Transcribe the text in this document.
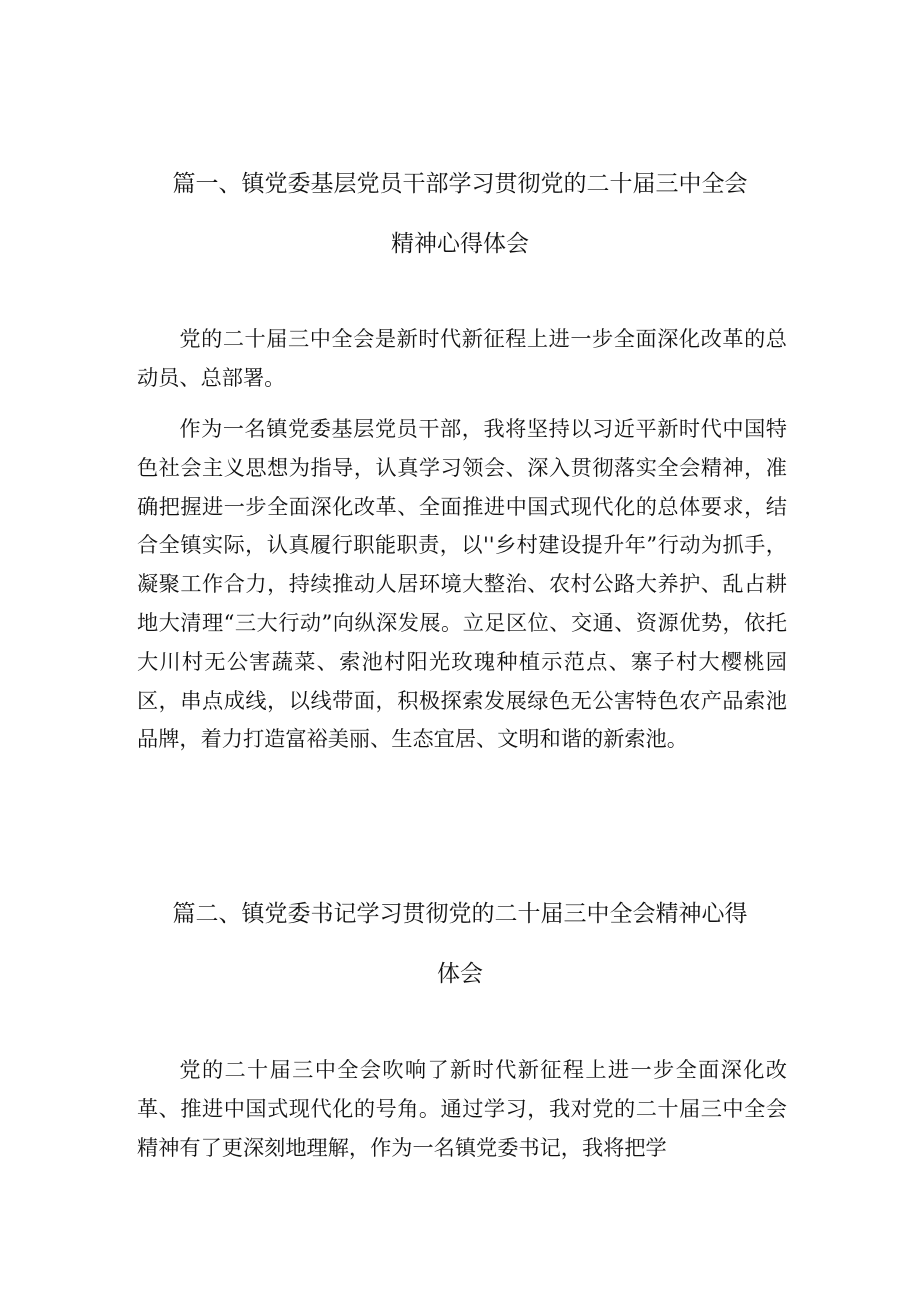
篇一、镇党委基层党员干部学习贯彻党的二十届三中全会
精神心得体会

党的二十届三中全会是新时代新征程上进一步全面深化改革的总动员、总部署。

作为一名镇党委基层党员干部，我将坚持以习近平新时代中国特色社会主义思想为指导，认真学习领会、深入贯彻落实全会精神，准确把握进一步全面深化改革、全面推进中国式现代化的总体要求，结合全镇实际，认真履行职能职责，以''乡村建设提升年”行动为抓手，凝聚工作合力，持续推动人居环境大整治、农村公路大养护、乱占耕地大清理“三大行动”向纵深发展。立足区位、交通、资源优势，依托大川村无公害蔬菜、索池村阳光玫瑰种植示范点、寨子村大樱桃园区，串点成线，以线带面，积极探索发展绿色无公害特色农产品索池品牌，着力打造富裕美丽、生态宜居、文明和谐的新索池。

篇二、镇党委书记学习贯彻党的二十届三中全会精神心得
体会

党的二十届三中全会吹响了新时代新征程上进一步全面深化改革、推进中国式现代化的号角。通过学习，我对党的二十届三中全会精神有了更深刻地理解，作为一名镇党委书记，我将把学
